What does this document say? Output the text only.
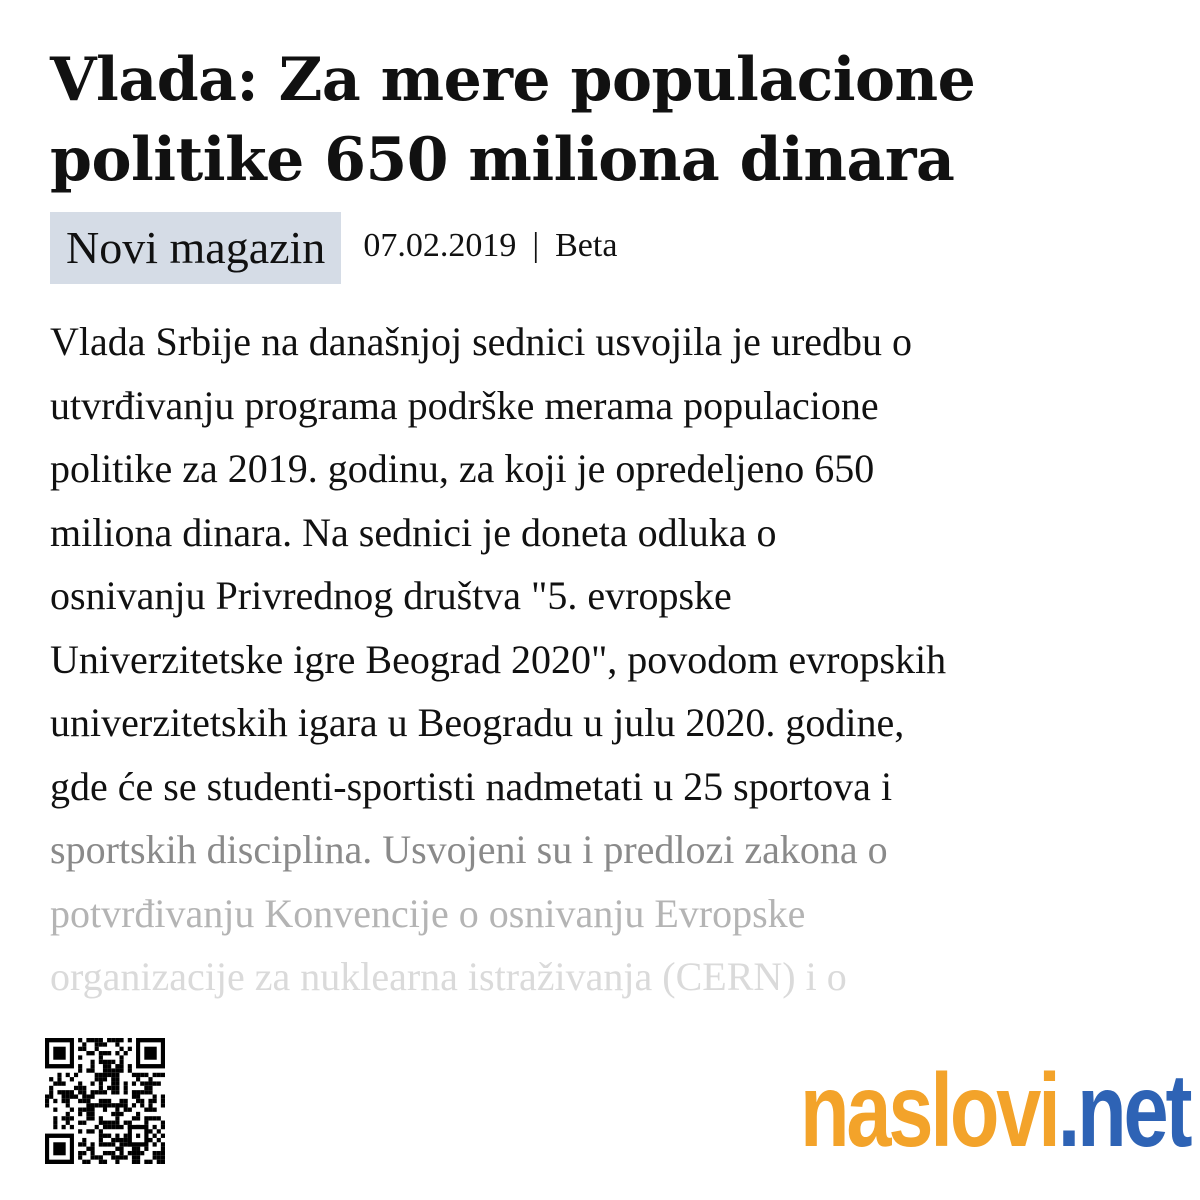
Vlada: Za mere populacione
politike 650 miliona dinara
Novi magazin	07.02.2019 | Beta
Vlada Srbije na današnjoj sednici usvojila je uredbu o
utvrđivanju programa podrške merama populacione
politike za 2019. godinu, za koji je opredeljeno 650
miliona dinara. Na sednici je doneta odluka o
osnivanju Privrednog društva "5. evropske
Univerzitetske igre Beograd 2020", povodom evropskih
univerzitetskih igara u Beogradu u julu 2020. godine,
gde će se studenti-sportisti nadmetati u 25 sportova i
sportskih disciplina. Usvojeni su i predlozi zakona o
potvrđivanju Konvencije o osnivanju Evropske
organizacije za nuklearna istraživanja (CERN) i o
naslovi.net
